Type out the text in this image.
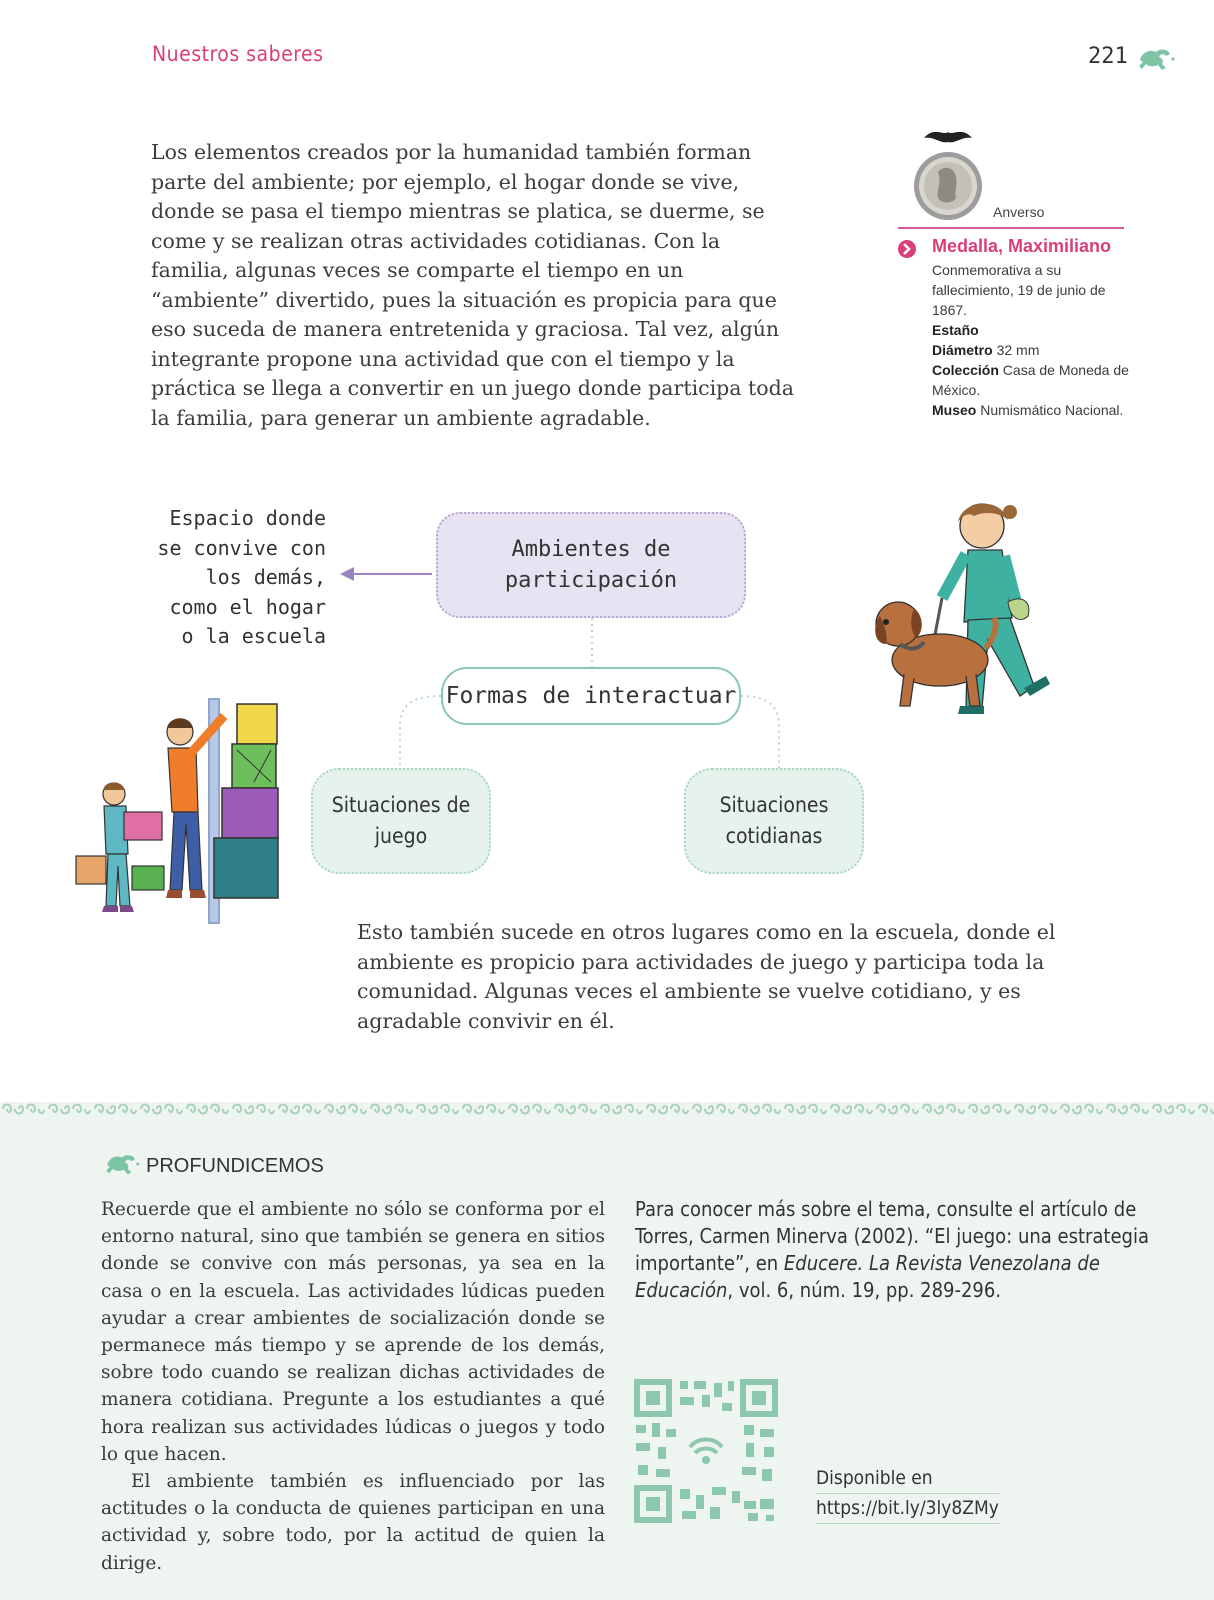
Nuestros saberes	221

Los elementos creados por la humanidad también forman parte del ambiente; por ejemplo, el hogar donde se vive, donde se pasa el tiempo mientras se platica, se duerme, se come y se realizan otras actividades cotidianas. Con la familia, algunas veces se comparte el tiempo en un “ambiente” divertido, pues la situación es propicia para que eso suceda de manera entretenida y graciosa. Tal vez, algún integrante propone una actividad que con el tiempo y la práctica se llega a convertir en un juego donde participa toda la familia, para generar un ambiente agradable.

Anverso
Medalla, Maximiliano
Conmemorativa a su fallecimiento, 19 de junio de 1867.
Estaño
Diámetro 32 mm
Colección Casa de Moneda de México.
Museo Numismático Nacional.
Espacio donde
se convive con
los demás,
como el hogar
o la escuela
Ambientes de participación
Formas de interactuar
Situaciones de juego
Situaciones cotidianas
Esto también sucede en otros lugares como en la escuela, donde el ambiente es propicio para actividades de juego y participa toda la comunidad. Algunas veces el ambiente se vuelve cotidiano, y es agradable convivir en él.
PROFUNDICEMOS

Recuerde que el ambiente no sólo se conforma por el entorno natural, sino que también se genera en sitios donde se convive con más personas, ya sea en la casa o en la escuela. Las actividades lúdicas pueden ayudar a crear ambientes de socialización donde se permanece más tiempo y se aprende de los demás, sobre todo cuando se realizan dichas actividades de manera cotidiana. Pregunte a los estudiantes a qué hora realizan sus actividades lúdicas o juegos y todo lo que hacen.

El ambiente también es influenciado por las actitudes o la conducta de quienes participan en una actividad y, sobre todo, por la actitud de quien la dirige.

Para conocer más sobre el tema, consulte el artículo de Torres, Carmen Minerva (2002). “El juego: una estrategia importante”, en Educere. La Revista Venezolana de Educación, vol. 6, núm. 19, pp. 289-296.
Disponible en
https://bit.ly/3ly8ZMy
